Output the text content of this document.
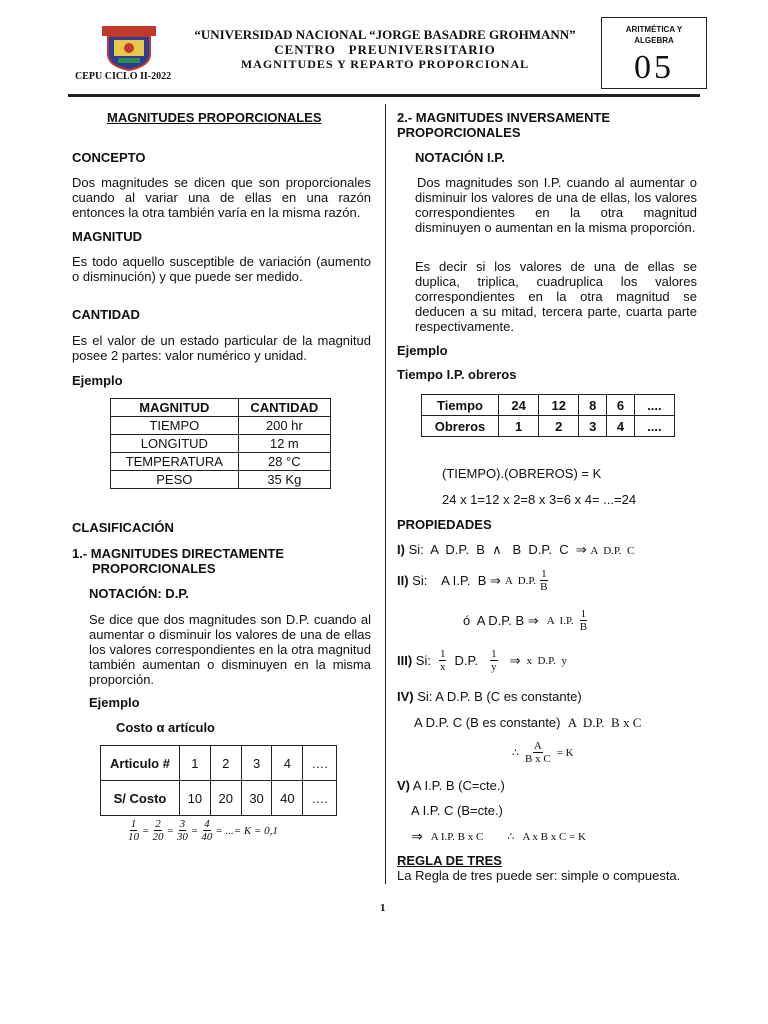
CEPU CICLO II-2022
“UNIVERSIDAD NACIONAL “JORGE BASADRE GROHMANN”
CENTRO   PREUNIVERSITARIO
MAGNITUDES Y REPARTO PROPORCIONAL
ARITMÉTICA Y ALGEBRA
05
MAGNITUDES PROPORCIONALES
CONCEPTO
Dos magnitudes se dicen que son proporcionales cuando al variar una de ellas en una razón entonces la otra también varía en la misma razón.
MAGNITUD
Es todo aquello susceptible de variación (aumento o disminución) y que puede ser medido.
CANTIDAD
Es el valor de un estado particular de la magnitud posee 2 partes: valor numérico y unidad.
Ejemplo
MAGNITUD	CANTIDAD
TIEMPO	200 hr
LONGITUD	12 m
TEMPERATURA	28 °C
PESO	35 Kg
CLASIFICACIÓN
1.- MAGNITUDES DIRECTAMENTE
PROPORCIONALES
NOTACIÓN: D.P.
Se dice que dos magnitudes son D.P. cuando al aumentar o disminuir los valores de una de ellas los valores correspondientes en la otra magnitud también aumentan o disminuyen en la misma proporción.
Ejemplo
Costo α artículo
Articulo #	1	2	3	4	….
S/ Costo	10	20	30	40	….
$\frac{1}{10} = \frac{2}{20} = \frac{3}{30} = \frac{4}{40}$ = ...= K = 0,1
2.- MAGNITUDES INVERSAMENTE
PROPORCIONALES
NOTACIÓN I.P.
Dos magnitudes son I.P. cuando al aumentar o disminuir los valores de una de ellas, los valores correspondientes en la otra magnitud disminuyen o aumentan en la misma proporción.
Es decir si los valores de una de ellas se duplica, triplica, cuadruplica los valores correspondientes en la otra magnitud se deducen a su mitad, tercera parte, cuarta parte respectivamente.
Ejemplo
Tiempo I.P. obreros
Tiempo	24	12	8	6	....
Obreros	1	2	3	4	....
(TIEMPO).(OBREROS) = K
24 x 1=12 x 2=8 x 3=6 x 4= ...=24
PROPIEDADES
I) Si:  A  D.P.  B  ∧   B  D.P.  C  ⇒ A  D.P.  C
II) Si:    A I.P.  B ⇒ A  D.P. $\frac{1}{B}$
ó  A D.P. B ⇒ A  I.P. $\frac{1}{B}$
III) Si: $\frac{1}{x} D.P$. $\frac{1}{y}$ ⇒ x  D.P.  y
IV) Si: A D.P. B (C es constante)
A D.P. C (B es constante) A  D.P.  B x C
∴ $\frac{A}{\text{B x C}} = K$
V) A I.P. B (C=cte.)
A I.P. C (B=cte.)
⇒ A I.P. B x C ∴ A x B x C = K
REGLA DE TRES
La Regla de tres puede ser: simple o compuesta.
1
